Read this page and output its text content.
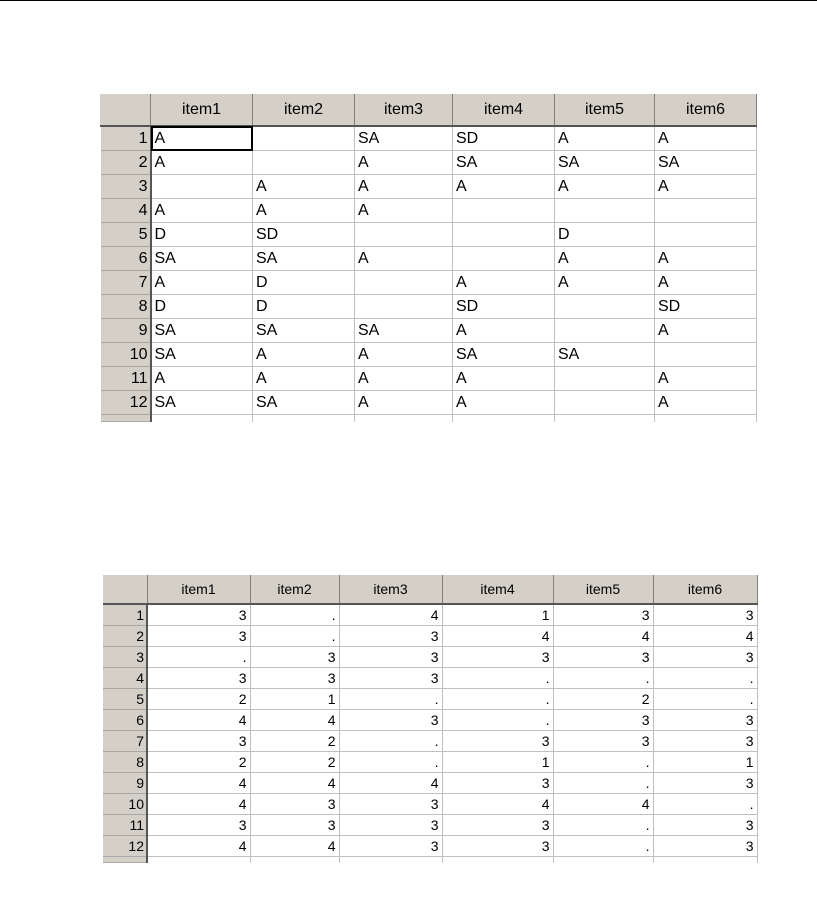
	item1	item2	item3	item4	item5	item6
1	A		SA	SD	A	A
2	A		A	SA	SA	SA
3		A	A	A	A	A
4	A	A	A			
5	D	SD			D	
6	SA	SA	A		A	A
7	A	D		A	A	A
8	D	D		SD		SD
9	SA	SA	SA	A		A
10	SA	A	A	SA	SA	
11	A	A	A	A		A
12	SA	SA	A	A		A

	item1	item2	item3	item4	item5	item6
1	3	.	4	1	3	3
2	3	.	3	4	4	4
3	.	3	3	3	3	3
4	3	3	3	.	.	.
5	2	1	.	.	2	.
6	4	4	3	.	3	3
7	3	2	.	3	3	3
8	2	2	.	1	.	1
9	4	4	4	3	.	3
10	4	3	3	4	4	.
11	3	3	3	3	.	3
12	4	4	3	3	.	3
